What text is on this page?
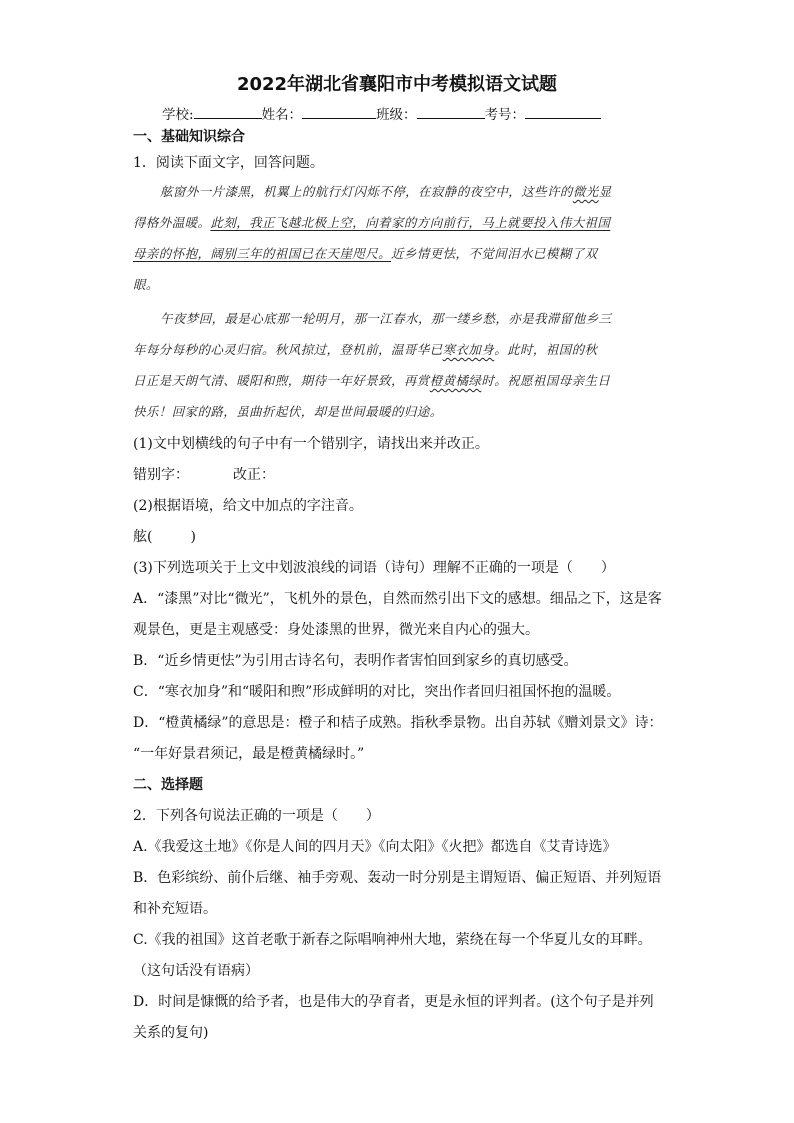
2022年湖北省襄阳市中考模拟语文试题
学校:	姓名：	班级：	考号：
一、基础知识综合
1．阅读下面文字，回答问题。
舷窗外一片漆黑，机翼上的航行灯闪烁不停，在寂静的夜空中，这些许的微光显
得格外温暖。此刻，我正飞越北极上空，向着家的方向前行，马上就要投入伟大祖国
母亲的怀抱，阔别三年的祖国已在天崖咫尺。近乡情更怯，不觉间泪水已模糊了双
眼。
午夜梦回，最是心底那一轮明月，那一江春水，那一缕乡愁，亦是我滞留他乡三
年每分每秒的心灵归宿。秋风掠过，登机前，温哥华已寒衣加身。此时，祖国的秋
日正是天朗气清、暖阳和煦，期待一年好景致，再赏橙黄橘绿时。祝愿祖国母亲生日
快乐！回家的路，虽曲折起伏，却是世间最暖的归途。
(1)文中划横线的句子中有一个错别字，请找出来并改正。
错别字：	改正：
(2)根据语境，给文中加点的字注音。
舷(	)
(3)下列选项关于上文中划波浪线的词语（诗句）理解不正确的一项是（　　）
A．“漆黑”对比“微光”，飞机外的景色，自然而然引出下文的感想。细品之下，这是客
观景色，更是主观感受：身处漆黑的世界，微光来自内心的强大。
B．“近乡情更怯”为引用古诗名句，表明作者害怕回到家乡的真切感受。
C．“寒衣加身”和“暖阳和煦”形成鲜明的对比，突出作者回归祖国怀抱的温暖。
D．“橙黄橘绿”的意思是：橙子和桔子成熟。指秋季景物。出自苏轼《赠刘景文》诗：
“一年好景君须记，最是橙黄橘绿时。”
二、选择题
2．下列各句说法正确的一项是（　　）
A.《我爱这土地》《你是人间的四月天》《向太阳》《火把》都选自《艾青诗选》
B．色彩缤纷、前仆后继、袖手旁观、轰动一时分别是主谓短语、偏正短语、并列短语
和补充短语。
C.《我的祖国》这首老歌于新春之际唱响神州大地，萦绕在每一个华夏儿女的耳畔。
（这句话没有语病）
D．时间是慷慨的给予者，也是伟大的孕育者，更是永恒的评判者。(这个句子是并列
关系的复句)
